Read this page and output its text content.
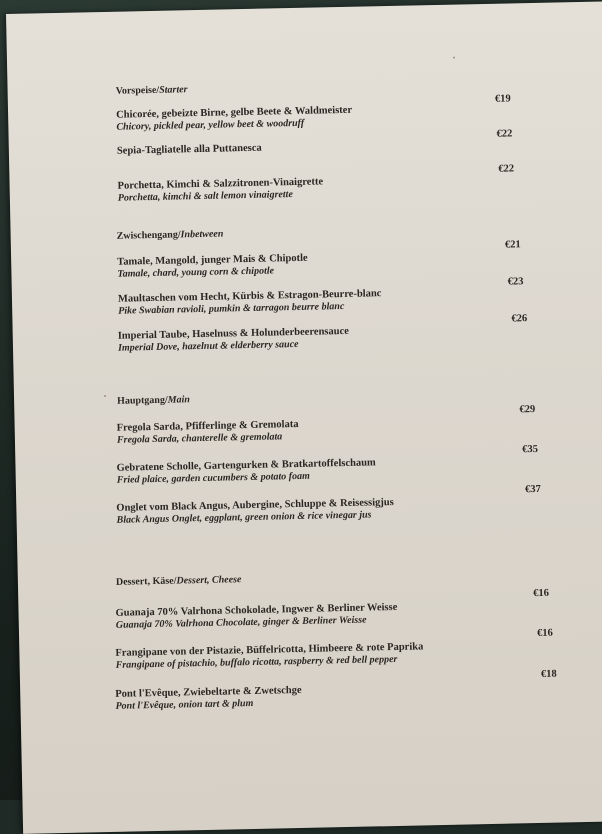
Vorspeise/Starter
Chicorée, gebeizte Birne, gelbe Beete & Waldmeister
Chicory, pickled pear, yellow beet & woodruff
€19
Sepia-Tagliatelle alla Puttanesca
€22
Porchetta, Kimchi & Salzzitronen-Vinaigrette
Porchetta, kimchi & salt lemon vinaigrette
€22
Zwischengang/Inbetween
Tamale, Mangold, junger Mais & Chipotle
Tamale, chard, young corn & chipotle
€21
Maultaschen vom Hecht, Kürbis & Estragon-Beurre-blanc
Pike Swabian ravioli, pumkin & tarragon beurre blanc
€23
Imperial Taube, Haselnuss & Holunderbeerensauce
Imperial Dove, hazelnut & elderberry sauce
€26
Hauptgang/Main
Fregola Sarda, Pfifferlinge & Gremolata
Fregola Sarda, chanterelle & gremolata
€29
Gebratene Scholle, Gartengurken & Bratkartoffelschaum
Fried plaice, garden cucumbers & potato foam
€35
Onglet vom Black Angus, Aubergine, Schluppe & Reisessigjus
Black Angus Onglet, eggplant, green onion & rice vinegar jus
€37
Dessert, Käse/Dessert, Cheese
Guanaja 70% Valrhona Schokolade, Ingwer & Berliner Weisse
Guanaja 70% Valrhona Chocolate, ginger & Berliner Weisse
€16
Frangipane von der Pistazie, Büffelricotta, Himbeere & rote Paprika
Frangipane of pistachio, buffalo ricotta, raspberry & red bell pepper
€16
Pont l'Evêque, Zwiebeltarte & Zwetschge
Pont l'Evêque, onion tart & plum
€18
